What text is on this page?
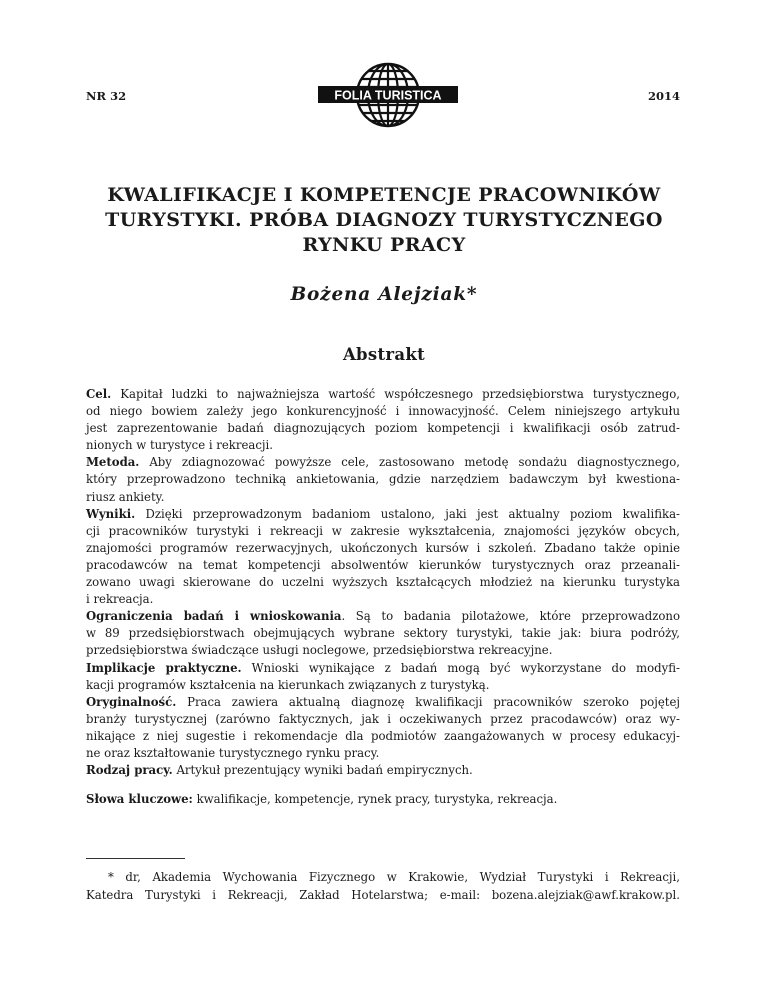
NR 32	FOLIA TURISTICA	2014
KWALIFIKACJE I KOMPETENCJE PRACOWNIKÓW
TURYSTYKI. PRÓBA DIAGNOZY TURYSTYCZNEGO
RYNKU PRACY
Bożena Alejziak*
Abstrakt
Cel. Kapitał ludzki to najważniejsza wartość współczesnego przedsiębiorstwa turystycznego,
od niego bowiem zależy jego konkurencyjność i innowacyjność. Celem niniejszego artykułu
jest zaprezentowanie badań diagnozujących poziom kompetencji i kwalifikacji osób zatrud-
nionych w turystyce i rekreacji.
Metoda. Aby zdiagnozować powyższe cele, zastosowano metodę sondażu diagnostycznego,
który przeprowadzono techniką ankietowania, gdzie narzędziem badawczym był kwestiona-
riusz ankiety.
Wyniki. Dzięki przeprowadzonym badaniom ustalono, jaki jest aktualny poziom kwalifika-
cji pracowników turystyki i rekreacji w zakresie wykształcenia, znajomości języków obcych,
znajomości programów rezerwacyjnych, ukończonych kursów i szkoleń. Zbadano także opinie
pracodawców na temat kompetencji absolwentów kierunków turystycznych oraz przeanali-
zowano uwagi skierowane do uczelni wyższych kształcących młodzież na kierunku turystyka
i rekreacja.
Ograniczenia badań i wnioskowania. Są to badania pilotażowe, które przeprowadzono
w 89 przedsiębiorstwach obejmujących wybrane sektory turystyki, takie jak: biura podróży,
przedsiębiorstwa świadczące usługi noclegowe, przedsiębiorstwa rekreacyjne.
Implikacje praktyczne. Wnioski wynikające z badań mogą być wykorzystane do modyfi-
kacji programów kształcenia na kierunkach związanych z turystyką.
Oryginalność. Praca zawiera aktualną diagnozę kwalifikacji pracowników szeroko pojętej
branży turystycznej (zarówno faktycznych, jak i oczekiwanych przez pracodawców) oraz wy-
nikające z niej sugestie i rekomendacje dla podmiotów zaangażowanych w procesy edukacyj-
ne oraz kształtowanie turystycznego rynku pracy.
Rodzaj pracy. Artykuł prezentujący wyniki badań empirycznych.
Słowa kluczowe: kwalifikacje, kompetencje, rynek pracy, turystyka, rekreacja.
* dr, Akademia Wychowania Fizycznego w Krakowie, Wydział Turystyki i Rekreacji,
Katedra Turystyki i Rekreacji, Zakład Hotelarstwa; e-mail: bozena.alejziak@awf.krakow.pl.
